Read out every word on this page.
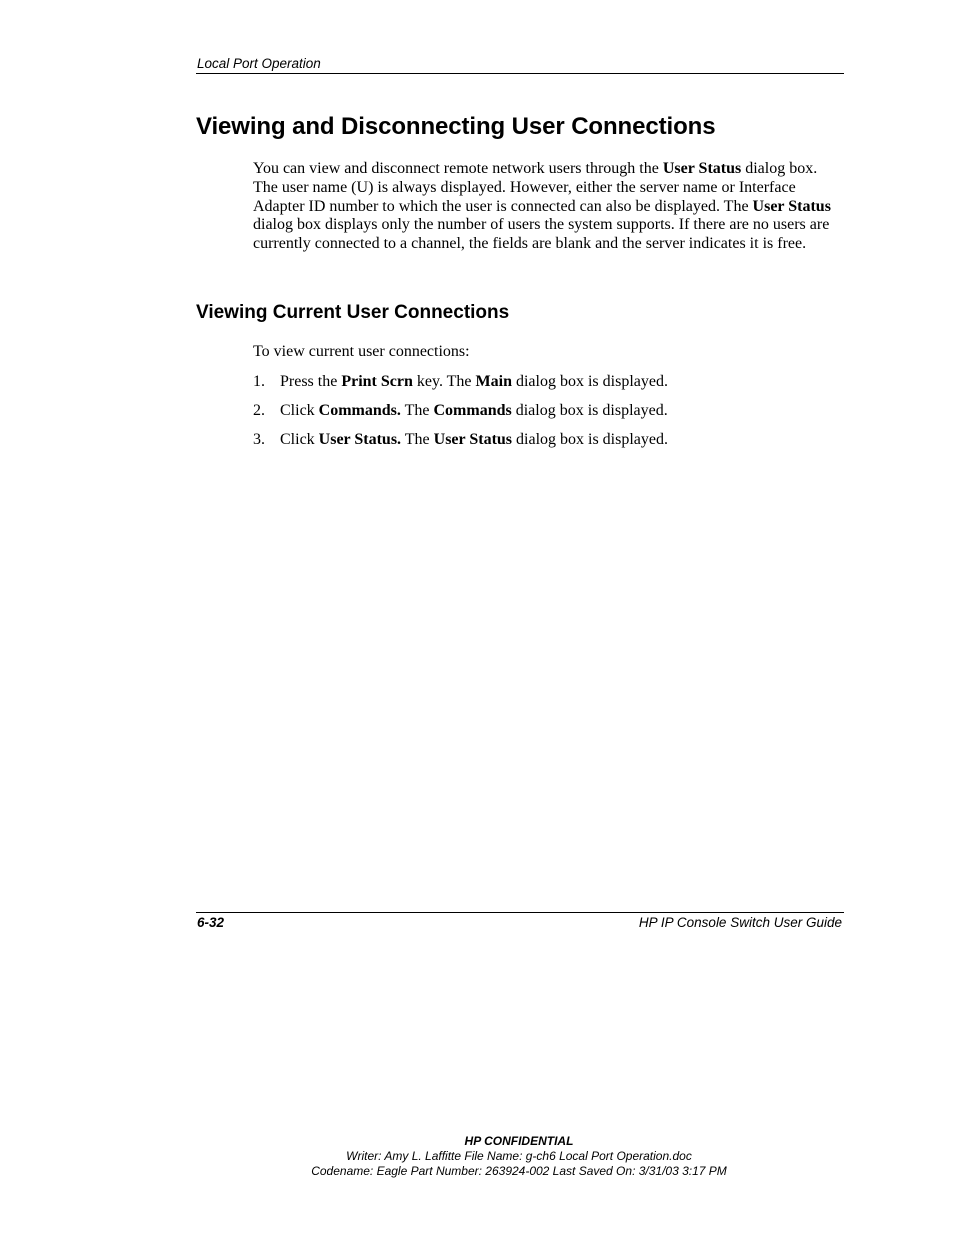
Local Port Operation
Viewing and Disconnecting User Connections

You can view and disconnect remote network users through the User Status dialog box. The user name (U) is always displayed. However, either the server name or Interface Adapter ID number to which the user is connected can also be displayed. The User Status dialog box displays only the number of users the system supports. If there are no users are currently connected to a channel, the fields are blank and the server indicates it is free.

Viewing Current User Connections

To view current user connections:

1. Press the Print Scrn key. The Main dialog box is displayed.
2. Click Commands. The Commands dialog box is displayed.
3. Click User Status. The User Status dialog box is displayed.
6-32	HP IP Console Switch User Guide
HP CONFIDENTIAL
Writer: Amy L. Laffitte File Name: g-ch6 Local Port Operation.doc
Codename: Eagle Part Number: 263924-002 Last Saved On: 3/31/03 3:17 PM
